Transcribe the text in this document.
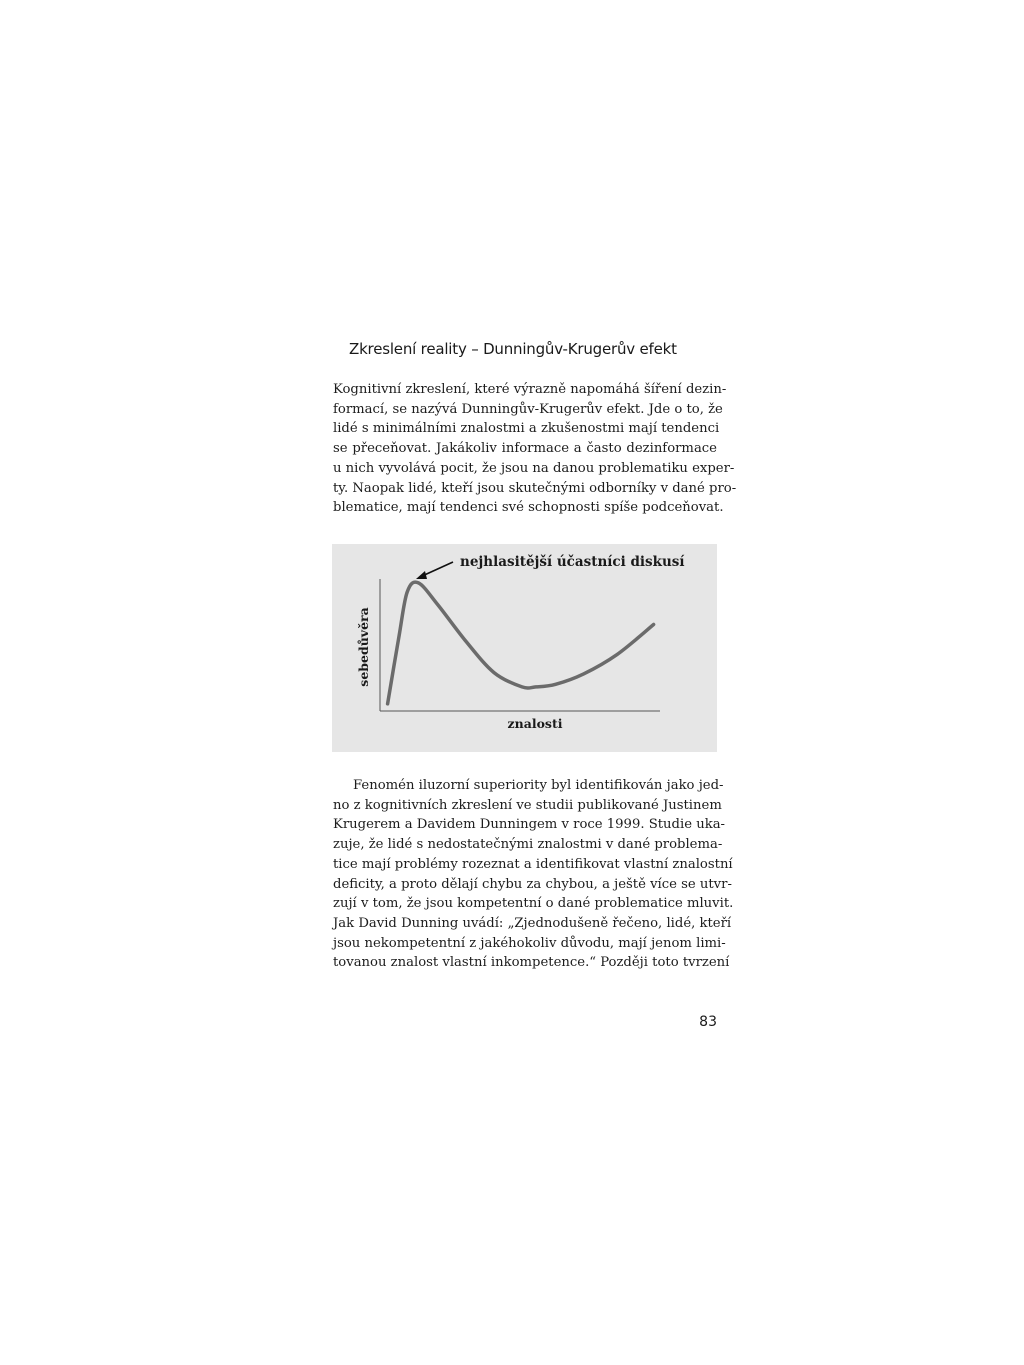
Zkreslení reality – Dunningův-Krugerův efekt
Kognitivní zkreslení, které výrazně napomáhá šíření dezin-
formací, se nazývá Dunningův-Krugerův efekt. Jde o to, že
lidé s minimálními znalostmi a zkušenostmi mají tendenci
se přeceňovat. Jakákoliv informace a často dezinformace
u nich vyvolává pocit, že jsou na danou problematiku exper-
ty. Naopak lidé, kteří jsou skutečnými odborníky v dané pro-
blematice, mají tendenci své schopnosti spíše podceňovat.
nejhlasitější účastníci diskusí
sebedůvěra
znalosti
Fenomén iluzorní superiority byl identifikován jako jed-
no z kognitivních zkreslení ve studii publikované Justinem
Krugerem a Davidem Dunningem v roce 1999. Studie uka-
zuje, že lidé s nedostatečnými znalostmi v dané problema-
tice mají problémy rozeznat a identifikovat vlastní znalostní
deficity, a proto dělají chybu za chybou, a ještě více se utvr-
zují v tom, že jsou kompetentní o dané problematice mluvit.
Jak David Dunning uvádí: „Zjednodušeně řečeno, lidé, kteří
jsou nekompetentní z jakéhokoliv důvodu, mají jenom limi-
tovanou znalost vlastní inkompetence.“ Později toto tvrzení
83
